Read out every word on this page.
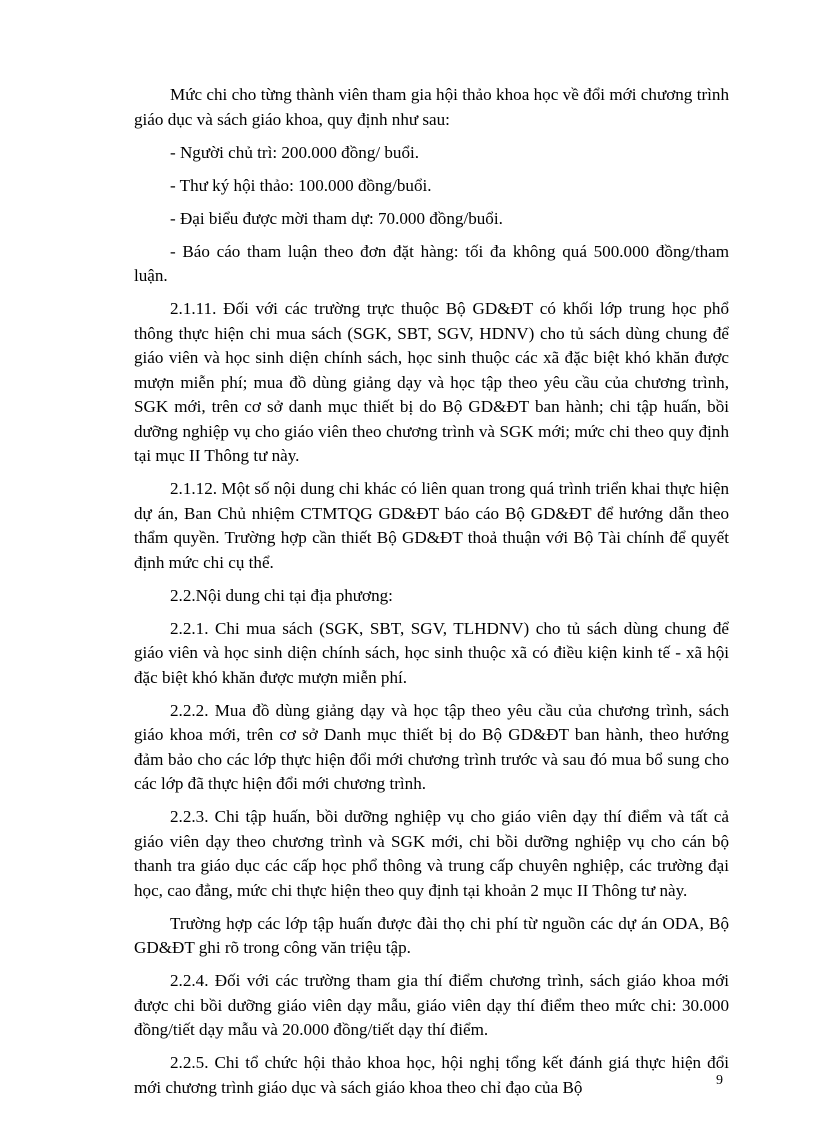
Mức chi cho từng thành viên tham gia hội thảo khoa học về đổi mới chương trình giáo dục và sách giáo khoa, quy định như sau:

- Người chủ trì: 200.000 đồng/ buổi.

- Thư ký hội thảo: 100.000 đồng/buổi.

- Đại biểu được mời tham dự: 70.000 đồng/buổi.

- Báo cáo tham luận theo đơn đặt hàng: tối đa không quá 500.000 đồng/tham luận.

2.1.11. Đối với các trường trực thuộc Bộ GD&ĐT có khối lớp trung học phổ thông thực hiện chi mua sách (SGK, SBT, SGV, HDNV) cho tủ sách dùng chung để giáo viên và học sinh diện chính sách, học sinh thuộc các xã đặc biệt khó khăn được mượn miễn phí; mua đồ dùng giảng dạy và học tập theo yêu cầu của chương trình, SGK mới, trên cơ sở danh mục thiết bị do Bộ GD&ĐT ban hành; chi tập huấn, bồi dưỡng nghiệp vụ cho giáo viên theo chương trình và SGK mới; mức chi theo quy định tại mục II Thông tư này.

2.1.12. Một số nội dung chi khác có liên quan trong quá trình triển khai thực hiện dự án, Ban Chủ nhiệm CTMTQG GD&ĐT báo cáo Bộ GD&ĐT để hướng dẫn theo thẩm quyền. Trường hợp cần thiết Bộ GD&ĐT thoả thuận với Bộ Tài chính để quyết định mức chi cụ thể.

2.2.Nội dung chi tại địa phương:

2.2.1. Chi mua sách (SGK, SBT, SGV, TLHDNV) cho tủ sách dùng chung để giáo viên và học sinh diện chính sách, học sinh thuộc xã có điều kiện kinh tế - xã hội đặc biệt khó khăn được mượn miễn phí.

2.2.2. Mua đồ dùng giảng dạy và học tập theo yêu cầu của chương trình, sách giáo khoa mới, trên cơ sở Danh mục thiết bị do Bộ GD&ĐT ban hành, theo hướng đảm bảo cho các lớp thực hiện đổi mới chương trình trước và sau đó mua bổ sung cho các lớp đã thực hiện đổi mới chương trình.

2.2.3. Chi tập huấn, bồi dưỡng nghiệp vụ cho giáo viên dạy thí điểm và tất cả giáo viên dạy theo chương trình và SGK mới, chi bồi dưỡng nghiệp vụ cho cán bộ thanh tra giáo dục các cấp học phổ thông và trung cấp chuyên nghiệp, các trường đại học, cao đẳng, mức chi thực hiện theo quy định tại khoản 2 mục II Thông tư này.

Trường hợp các lớp tập huấn được đài thọ chi phí từ nguồn các dự án ODA, Bộ GD&ĐT ghi rõ trong công văn triệu tập.

2.2.4. Đối với các trường tham gia thí điểm chương trình, sách giáo khoa mới được chi bồi dưỡng giáo viên dạy mẫu, giáo viên dạy thí điểm theo mức chi: 30.000 đồng/tiết dạy mẫu và 20.000 đồng/tiết dạy thí điểm.

2.2.5. Chi tổ chức hội thảo khoa học, hội nghị tổng kết đánh giá thực hiện đổi mới chương trình giáo dục và sách giáo khoa theo chỉ đạo của Bộ	9
